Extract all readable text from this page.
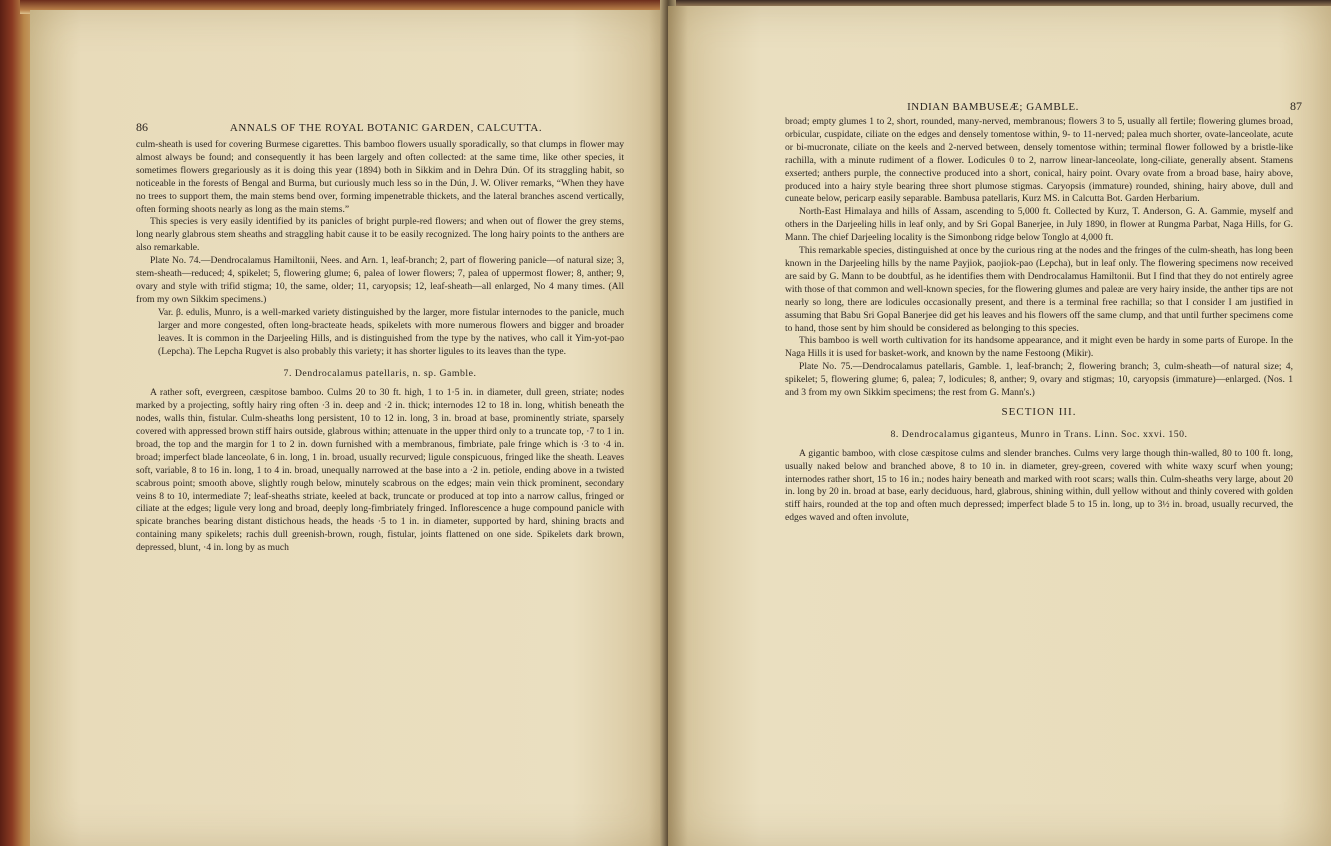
86	ANNALS OF THE ROYAL BOTANIC GARDEN, CALCUTTA.

culm-sheath is used for covering Burmese cigarettes. This bamboo flowers usually sporadically, so that clumps in flower may almost always be found; and consequently it has been largely and often collected: at the same time, like other species, it sometimes flowers gregariously as it is doing this year (1894) both in Sikkim and in Dehra Dún. Of its straggling habit, so noticeable in the forests of Bengal and Burma, but curiously much less so in the Dún, J. W. Oliver remarks, “When they have no trees to support them, the main stems bend over, forming impenetrable thickets, and the lateral branches ascend vertically, often forming shoots nearly as long as the main stems.”

This species is very easily identified by its panicles of bright purple-red flowers; and when out of flower the grey stems, long nearly glabrous stem sheaths and straggling habit cause it to be easily recognized. The long hairy points to the anthers are also remarkable.

Plate No. 74.—Dendrocalamus Hamiltonii, Nees. and Arn. 1, leaf-branch; 2, part of flowering panicle—of natural size; 3, stem-sheath—reduced; 4, spikelet; 5, flowering glume; 6, palea of lower flowers; 7, palea of uppermost flower; 8, anther; 9, ovary and style with trifid stigma; 10, the same, older; 11, caryopsis; 12, leaf-sheath—all enlarged, No 4 many times. (All from my own Sikkim specimens.)

Var. β. edulis, Munro, is a well-marked variety distinguished by the larger, more fistular internodes to the panicle, much larger and more congested, often long-bracteate heads, spikelets with more numerous flowers and bigger and broader leaves. It is common in the Darjeeling Hills, and is distinguished from the type by the natives, who call it Yim-yot-pao (Lepcha). The Lepcha Rugvet is also probably this variety; it has shorter ligules to its leaves than the type.

7. Dendrocalamus patellaris, n. sp. Gamble.

A rather soft, evergreen, cæspitose bamboo. Culms 20 to 30 ft. high, 1 to 1·5 in. in diameter, dull green, striate; nodes marked by a projecting, softly hairy ring often ·3 in. deep and ·2 in. thick; internodes 12 to 18 in. long, whitish beneath the nodes, walls thin, fistular. Culm-sheaths long persistent, 10 to 12 in. long, 3 in. broad at base, prominently striate, sparsely covered with appressed brown stiff hairs outside, glabrous within; attenuate in the upper third only to a truncate top, ·7 to 1 in. broad, the top and the margin for 1 to 2 in. down furnished with a membranous, fimbriate, pale fringe which is ·3 to ·4 in. broad; imperfect blade lanceolate, 6 in. long, 1 in. broad, usually recurved; ligule conspicuous, fringed like the sheath. Leaves soft, variable, 8 to 16 in. long, 1 to 4 in. broad, unequally narrowed at the base into a ·2 in. petiole, ending above in a twisted scabrous point; smooth above, slightly rough below, minutely scabrous on the edges; main vein thick prominent, secondary veins 8 to 10, intermediate 7; leaf-sheaths striate, keeled at back, truncate or produced at top into a narrow callus, fringed or ciliate at the edges; ligule very long and broad, deeply long-fimbriately fringed. Inflorescence a huge compound panicle with spicate branches bearing distant distichous heads, the heads ·5 to 1 in. in diameter, supported by hard, shining bracts and containing many spikelets; rachis dull greenish-brown, rough, fistular, joints flattened on one side. Spikelets dark brown, depressed, blunt, ·4 in. long by as much

INDIAN BAMBUSEÆ; GAMBLE.	87

broad; empty glumes 1 to 2, short, rounded, many-nerved, membranous; flowers 3 to 5, usually all fertile; flowering glumes broad, orbicular, cuspidate, ciliate on the edges and densely tomentose within, 9- to 11-nerved; palea much shorter, ovate-lanceolate, acute or bi-mucronate, ciliate on the keels and 2-nerved between, densely tomentose within; terminal flower followed by a bristle-like rachilla, with a minute rudiment of a flower. Lodicules 0 to 2, narrow linear-lanceolate, long-ciliate, generally absent. Stamens exserted; anthers purple, the connective produced into a short, conical, hairy point. Ovary ovate from a broad base, hairy above, produced into a hairy style bearing three short plumose stigmas. Caryopsis (immature) rounded, shining, hairy above, dull and cuneate below, pericarp easily separable. Bambusa patellaris, Kurz MS. in Calcutta Bot. Garden Herbarium.

North-East Himalaya and hills of Assam, ascending to 5,000 ft. Collected by Kurz, T. Anderson, G. A. Gammie, myself and others in the Darjeeling hills in leaf only, and by Sri Gopal Banerjee, in July 1890, in flower at Rungma Parbat, Naga Hills, for G. Mann. The chief Darjeeling locality is the Simonbong ridge below Tonglo at 4,000 ft.

This remarkable species, distinguished at once by the curious ring at the nodes and the fringes of the culm-sheath, has long been known in the Darjeeling hills by the name Payjiok, paojiok-pao (Lepcha), but in leaf only. The flowering specimens now received are said by G. Mann to be doubtful, as he identifies them with Dendrocalamus Hamiltonii. But I find that they do not entirely agree with those of that common and well-known species, for the flowering glumes and paleæ are very hairy inside, the anther tips are not nearly so long, there are lodicules occasionally present, and there is a terminal free rachilla; so that I consider I am justified in assuming that Babu Sri Gopal Banerjee did get his leaves and his flowers off the same clump, and that until further specimens come to hand, those sent by him should be considered as belonging to this species.

This bamboo is well worth cultivation for its handsome appearance, and it might even be hardy in some parts of Europe. In the Naga Hills it is used for basket-work, and known by the name Festoong (Mikir).

Plate No. 75.—Dendrocalamus patellaris, Gamble. 1, leaf-branch; 2, flowering branch; 3, culm-sheath—of natural size; 4, spikelet; 5, flowering glume; 6, palea; 7, lodicules; 8, anther; 9, ovary and stigmas; 10, caryopsis (immature)—enlarged. (Nos. 1 and 3 from my own Sikkim specimens; the rest from G. Mann's.)

SECTION III.

8. Dendrocalamus giganteus, Munro in Trans. Linn. Soc. xxvi. 150.

A gigantic bamboo, with close cæspitose culms and slender branches. Culms very large though thin-walled, 80 to 100 ft. long, usually naked below and branched above, 8 to 10 in. in diameter, grey-green, covered with white waxy scurf when young; internodes rather short, 15 to 16 in.; nodes hairy beneath and marked with root scars; walls thin. Culm-sheaths very large, about 20 in. long by 20 in. broad at base, early deciduous, hard, glabrous, shining within, dull yellow without and thinly covered with golden stiff hairs, rounded at the top and often much depressed; imperfect blade 5 to 15 in. long, up to 3½ in. broad, usually recurved, the edges waved and often involute,
